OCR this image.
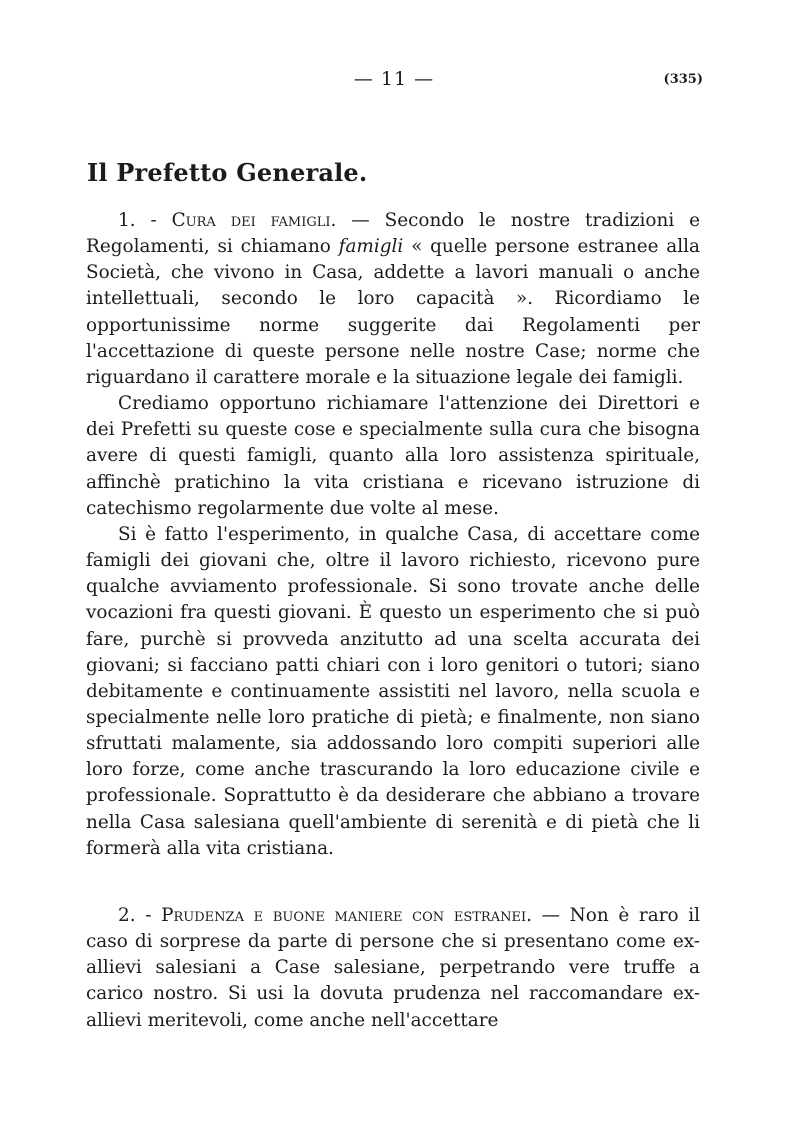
— 11 —	(335)
Il Prefetto Generale.

1. - Cura dei famigli. — Secondo le nostre tradizioni e Regolamenti, si chiamano famigli « quelle persone estranee alla Società, che vivono in Casa, addette a lavori manuali o anche intellettuali, secondo le loro capacità ». Ricordiamo le opportunissime norme suggerite dai Regolamenti per l'accettazione di queste persone nelle nostre Case; norme che riguardano il carattere morale e la situazione legale dei famigli.

Crediamo opportuno richiamare l'attenzione dei Direttori e dei Prefetti su queste cose e specialmente sulla cura che bisogna avere di questi famigli, quanto alla loro assistenza spirituale, affinchè pratichino la vita cristiana e ricevano istruzione di catechismo regolarmente due volte al mese.

Si è fatto l'esperimento, in qualche Casa, di accettare come famigli dei giovani che, oltre il lavoro richiesto, ricevono pure qualche avviamento professionale. Si sono trovate anche delle vocazioni fra questi giovani. È questo un esperimento che si può fare, purchè si provveda anzitutto ad una scelta accurata dei giovani; si facciano patti chiari con i loro genitori o tutori; siano debitamente e continuamente assistiti nel lavoro, nella scuola e specialmente nelle loro pratiche di pietà; e finalmente, non siano sfruttati malamente, sia addossando loro compiti superiori alle loro forze, come anche trascurando la loro educazione civile e professionale. Soprattutto è da desiderare che abbiano a trovare nella Casa salesiana quell'ambiente di serenità e di pietà che li formerà alla vita cristiana.

2. - Prudenza e buone maniere con estranei. — Non è raro il caso di sorprese da parte di persone che si presentano come ex-allievi salesiani a Case salesiane, perpetrando vere truffe a carico nostro. Si usi la dovuta prudenza nel raccomandare ex-allievi meritevoli, come anche nell'accettare
